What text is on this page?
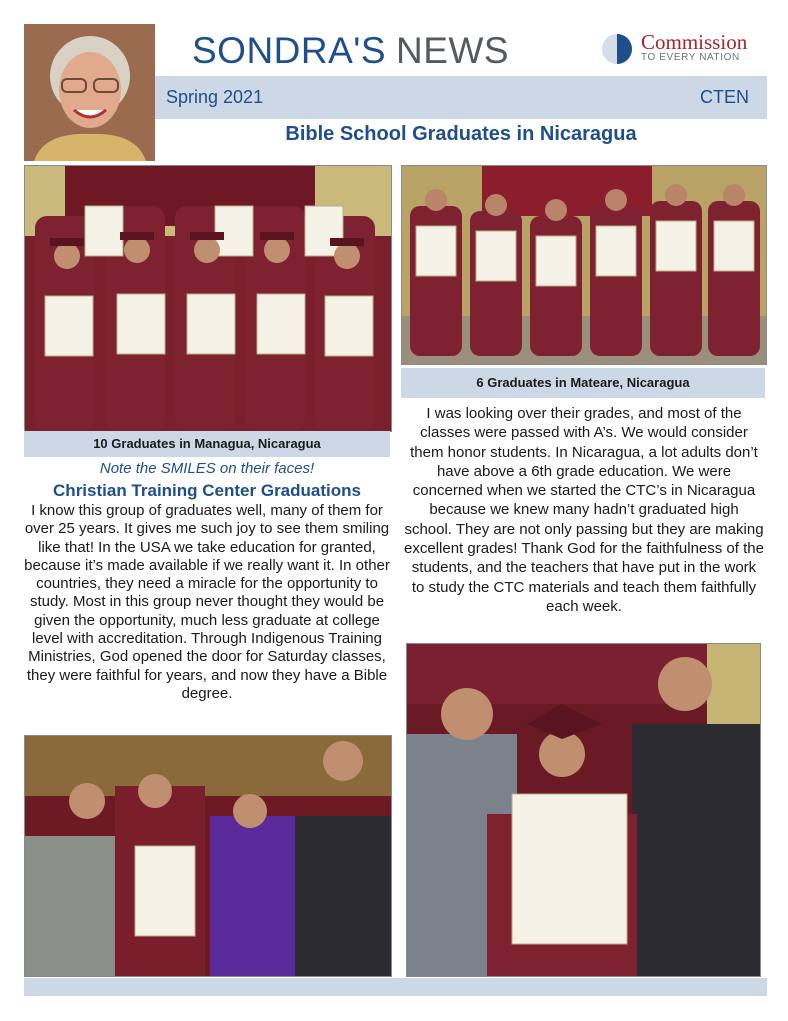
SONDRA'S NEWS	Commission
TO EVERY NATION
Spring 2021	CTEN
Bible School Graduates in Nicaragua
10 Graduates in Managua, Nicaragua
6 Graduates in Mateare, Nicaragua
Note the SMILES on their faces!
Christian Training Center Graduations
I know this group of graduates well, many of them for over 25 years. It gives me such joy to see them smiling like that! In the USA we take education for granted, because it’s made available if we really want it. In other countries, they need a miracle for the opportunity to study. Most in this group never thought they would be given the opportunity, much less graduate at college level with accreditation. Through Indigenous Training Ministries, God opened the door for Saturday classes, they were faithful for years, and now they have a Bible degree.
I was looking over their grades, and most of the classes were passed with A’s. We would consider them honor students. In Nicaragua, a lot adults don’t have above a 6th grade education. We were concerned when we started the CTC’s in Nicaragua because we knew many hadn’t graduated high school. They are not only passing but they are making excellent grades! Thank God for the faithfulness of the students, and the teachers that have put in the work to study the CTC materials and teach them faithfully each week.
